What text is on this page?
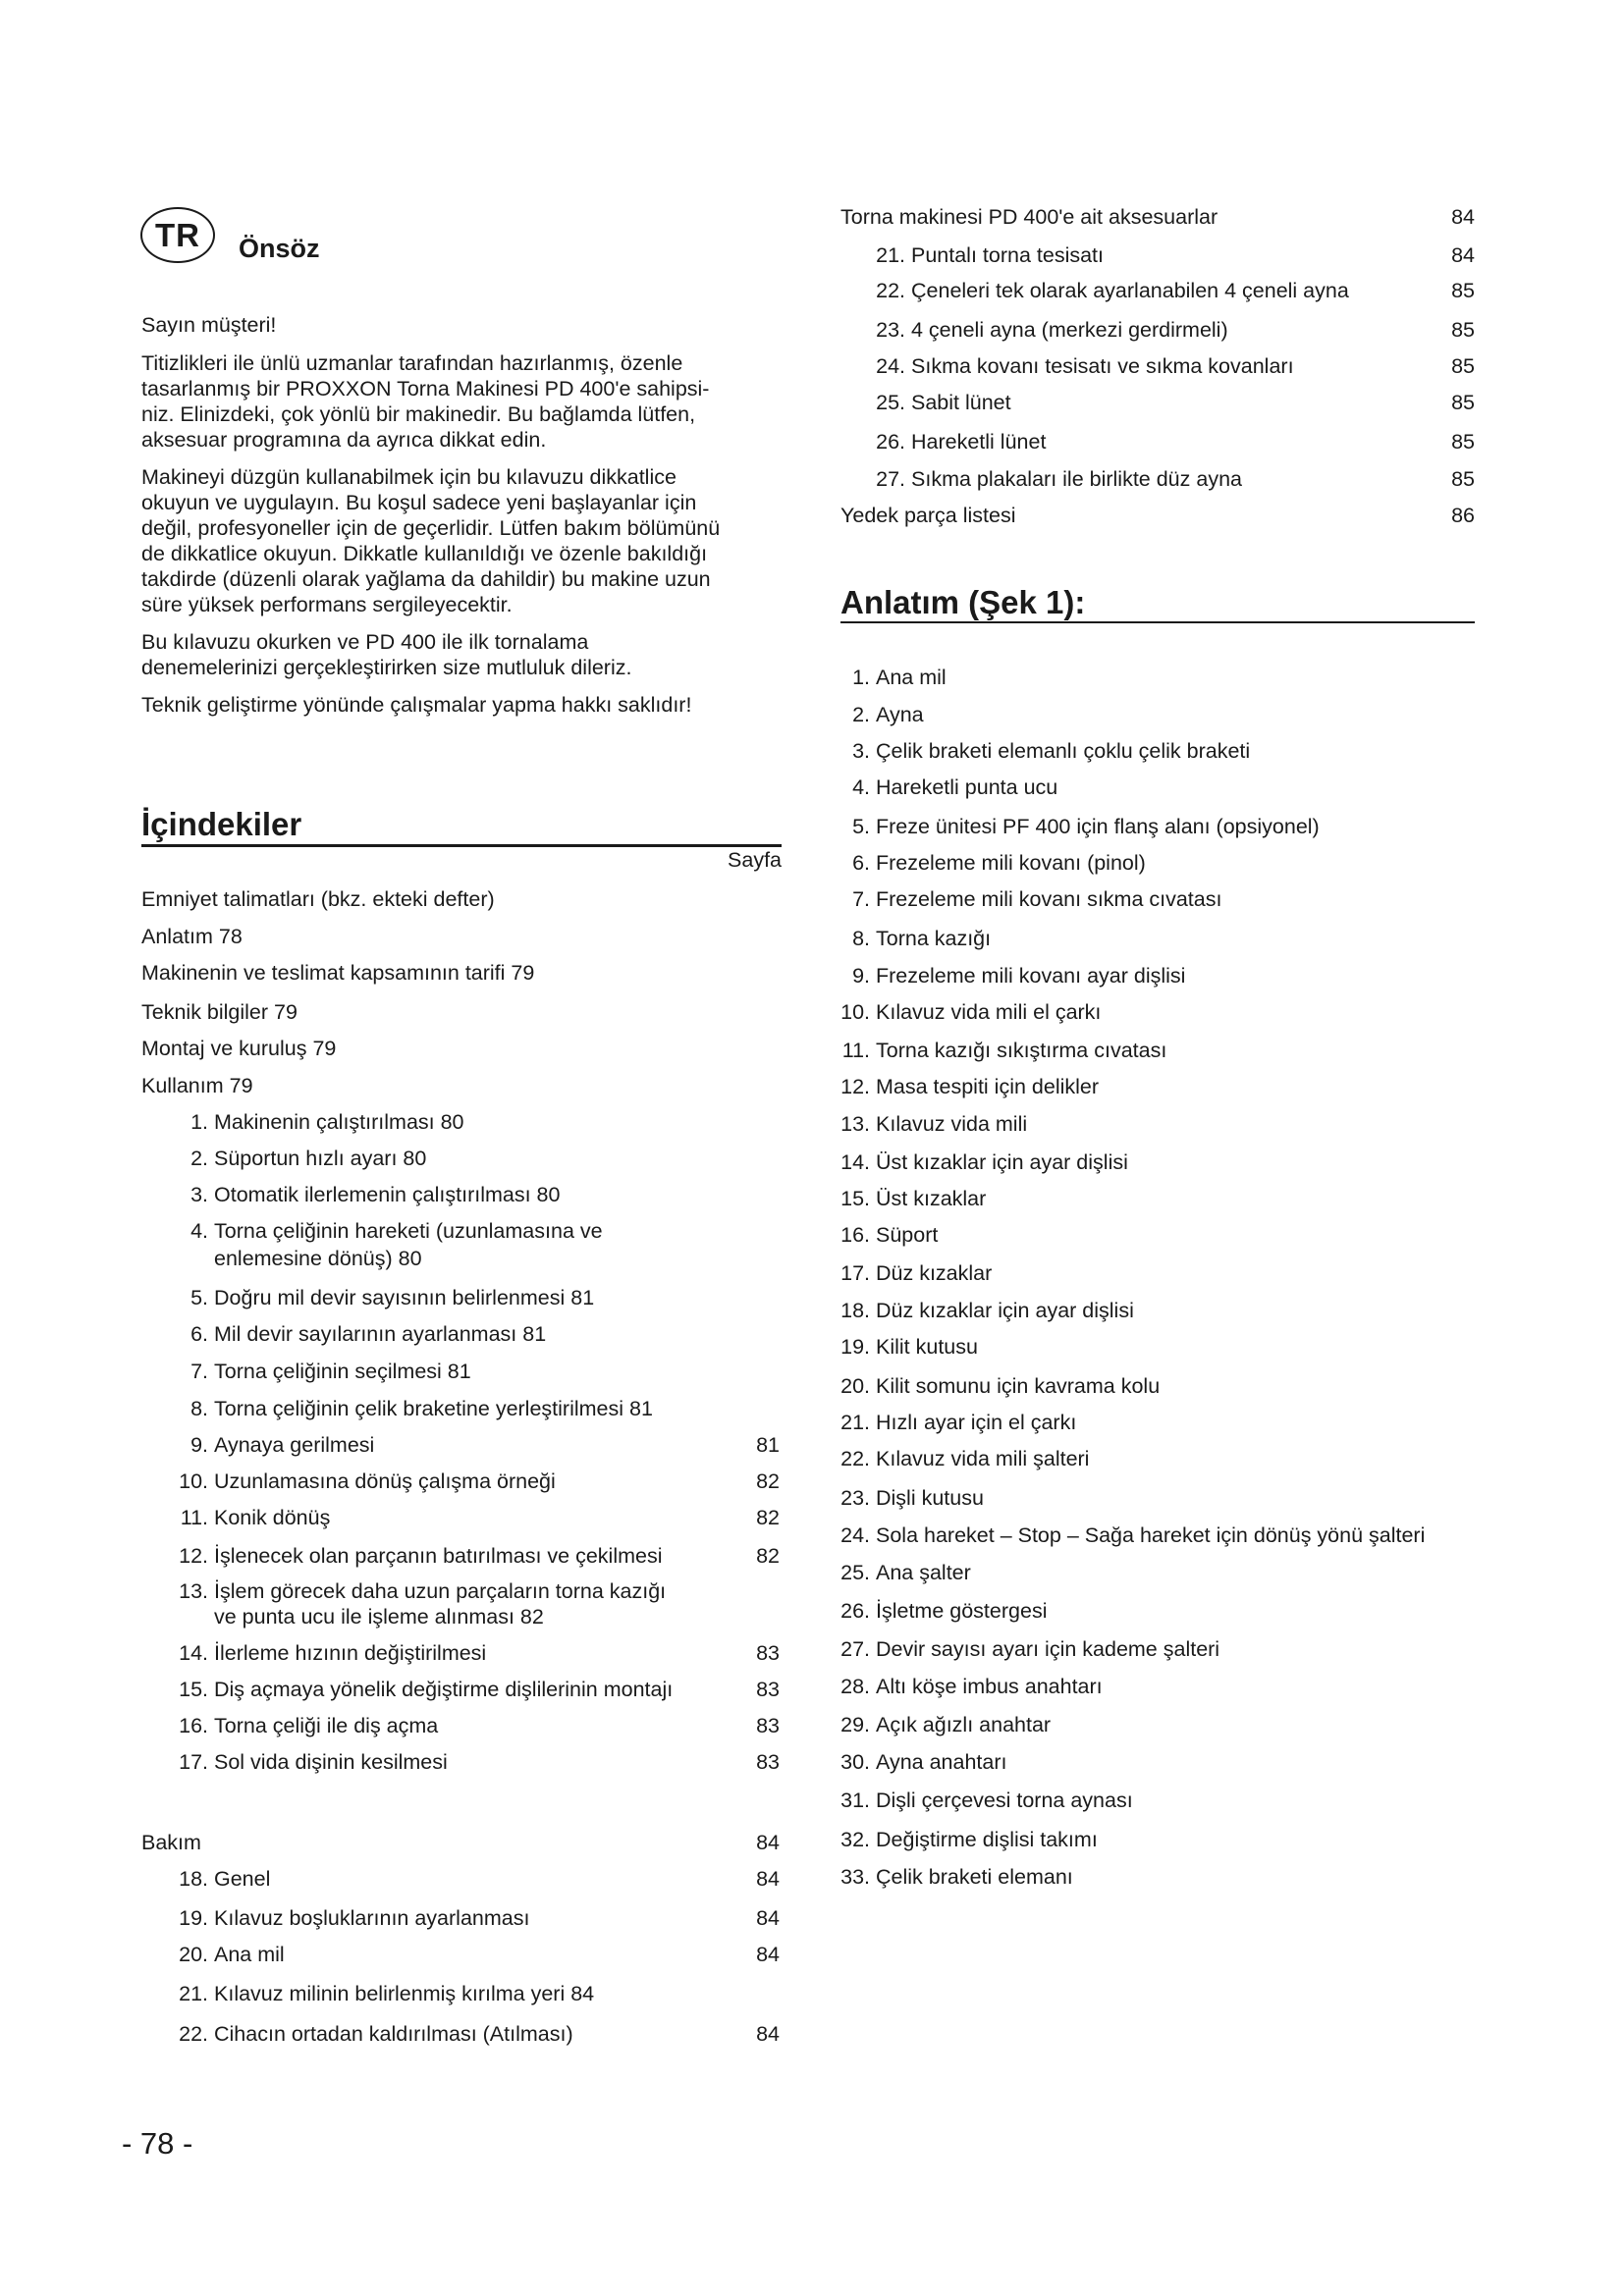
TR	Önsöz
Sayın müşteri!

Titizlikleri ile ünlü uzmanlar tarafından hazırlanmış, özenle
tasarlanmış bir PROXXON Torna Makinesi PD 400'e sahipsi-
niz. Elinizdeki, çok yönlü bir makinedir. Bu bağlamda lütfen,
aksesuar programına da ayrıca dikkat edin.

Makineyi düzgün kullanabilmek için bu kılavuzu dikkatlice
okuyun ve uygulayın. Bu koşul sadece yeni başlayanlar için
değil, profesyoneller için de geçerlidir. Lütfen bakım bölümünü
de dikkatlice okuyun. Dikkatle kullanıldığı ve özenle bakıldığı
takdirde (düzenli olarak yağlama da dahildir) bu makine uzun
süre yüksek performans sergileyecektir.

Bu kılavuzu okurken ve PD 400 ile ilk tornalama
denemelerinizi gerçekleştirirken size mutluluk dileriz.

Teknik geliştirme yönünde çalışmalar yapma hakkı saklıdır!

İçindekiler
Sayfa
Emniyet talimatları (bkz. ekteki defter)
Anlatım 78
Makinenin ve teslimat kapsamının tarifi 79
Teknik bilgiler 79
Montaj ve kuruluş 79
Kullanım 79
1. Makinenin çalıştırılması 80
2. Süportun hızlı ayarı 80
3. Otomatik ilerlemenin çalıştırılması 80
4. Torna çeliğinin hareketi (uzunlamasına ve
enlemesine dönüş) 80
5. Doğru mil devir sayısının belirlenmesi 81
6. Mil devir sayılarının ayarlanması 81
7. Torna çeliğinin seçilmesi 81
8. Torna çeliğinin çelik braketine yerleştirilmesi 81
9. Aynaya gerilmesi	81
10. Uzunlamasına dönüş çalışma örneği	82
11. Konik dönüş	82
12. İşlenecek olan parçanın batırılması ve çekilmesi	82
13. İşlem görecek daha uzun parçaların torna kazığı
ve punta ucu ile işleme alınması 82
14. İlerleme hızının değiştirilmesi	83
15. Diş açmaya yönelik değiştirme dişlilerinin montajı	83
16. Torna çeliği ile diş açma	83
17. Sol vida dişinin kesilmesi	83
Bakım	84
18. Genel	84
19. Kılavuz boşluklarının ayarlanması	84
20. Ana mil	84
21. Kılavuz milinin belirlenmiş kırılma yeri 84
22. Cihacın ortadan kaldırılması (Atılması)	84
- 78 -
Torna makinesi PD 400'e ait aksesuarlar	84
21. Puntalı torna tesisatı	84
22. Çeneleri tek olarak ayarlanabilen 4 çeneli ayna	85
23. 4 çeneli ayna (merkezi gerdirmeli)	85
24. Sıkma kovanı tesisatı ve sıkma kovanları	85
25. Sabit lünet	85
26. Hareketli lünet	85
27. Sıkma plakaları ile birlikte düz ayna	85
Yedek parça listesi	86
Anlatım (Şek 1):
1. Ana mil
2. Ayna
3. Çelik braketi elemanlı çoklu çelik braketi
4. Hareketli punta ucu
5. Freze ünitesi PF 400 için flanş alanı (opsiyonel)
6. Frezeleme mili kovanı (pinol)
7. Frezeleme mili kovanı sıkma cıvatası
8. Torna kazığı
9. Frezeleme mili kovanı ayar dişlisi
10. Kılavuz vida mili el çarkı
11. Torna kazığı sıkıştırma cıvatası
12. Masa tespiti için delikler
13. Kılavuz vida mili
14. Üst kızaklar için ayar dişlisi
15. Üst kızaklar
16. Süport
17. Düz kızaklar
18. Düz kızaklar için ayar dişlisi
19. Kilit kutusu
20. Kilit somunu için kavrama kolu
21. Hızlı ayar için el çarkı
22. Kılavuz vida mili şalteri
23. Dişli kutusu
24. Sola hareket – Stop – Sağa hareket için dönüş yönü şalteri
25. Ana şalter
26. İşletme göstergesi
27. Devir sayısı ayarı için kademe şalteri
28. Altı köşe imbus anahtarı
29. Açık ağızlı anahtar
30. Ayna anahtarı
31. Dişli çerçevesi torna aynası
32. Değiştirme dişlisi takımı
33. Çelik braketi elemanı
